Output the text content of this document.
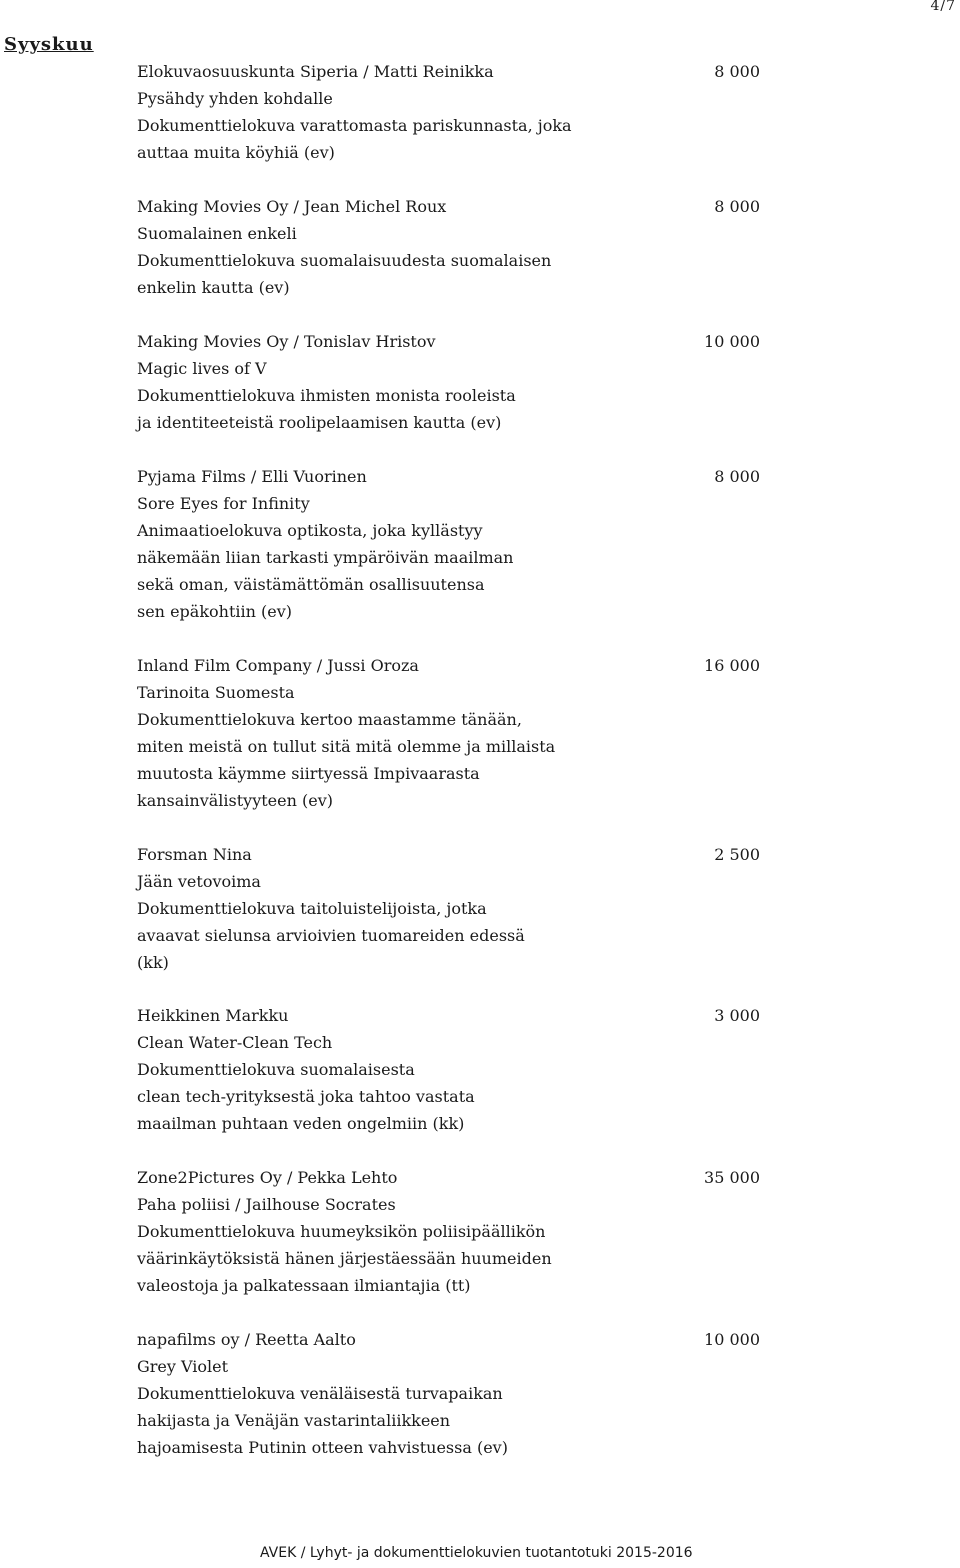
4/7
Syyskuu
Elokuvaosuuskunta Siperia / Matti Reinikka	8 000
Pysähdy yhden kohdalle
Dokumenttielokuva varattomasta pariskunnasta, joka
auttaa muita köyhiä (ev)
Making Movies Oy / Jean Michel Roux	8 000
Suomalainen enkeli
Dokumenttielokuva suomalaisuudesta suomalaisen
enkelin kautta (ev)
Making Movies Oy / Tonislav Hristov	10 000
Magic lives of V
Dokumenttielokuva ihmisten monista rooleista
ja identiteeteistä roolipelaamisen kautta (ev)
Pyjama Films / Elli Vuorinen	8 000
Sore Eyes for Infinity
Animaatioelokuva optikosta, joka kyllästyy
näkemään liian tarkasti ympäröivän maailman
sekä oman, väistämättömän osallisuutensa
sen epäkohtiin (ev)
Inland Film Company / Jussi Oroza	16 000
Tarinoita Suomesta
Dokumenttielokuva kertoo maastamme tänään,
miten meistä on tullut sitä mitä olemme ja millaista
muutosta käymme siirtyessä Impivaarasta
kansainvälistyyteen (ev)
Forsman Nina	2 500
Jään vetovoima
Dokumenttielokuva taitoluistelijoista, jotka
avaavat sielunsa arvioivien tuomareiden edessä
(kk)
Heikkinen Markku	3 000
Clean Water-Clean Tech
Dokumenttielokuva suomalaisesta
clean tech-yrityksestä joka tahtoo vastata
maailman puhtaan veden ongelmiin (kk)
Zone2Pictures Oy / Pekka Lehto	35 000
Paha poliisi / Jailhouse Socrates
Dokumenttielokuva huumeyksikön poliisipäällikön
väärinkäytöksistä hänen järjestäessään huumeiden
valeostoja ja palkatessaan ilmiantajia (tt)
napafilms oy / Reetta Aalto	10 000
Grey Violet
Dokumenttielokuva venäläisestä turvapaikan
hakijasta ja Venäjän vastarintaliikkeen
hajoamisesta Putinin otteen vahvistuessa (ev)
AVEK / Lyhyt- ja dokumenttielokuvien tuotantotuki 2015-2016
